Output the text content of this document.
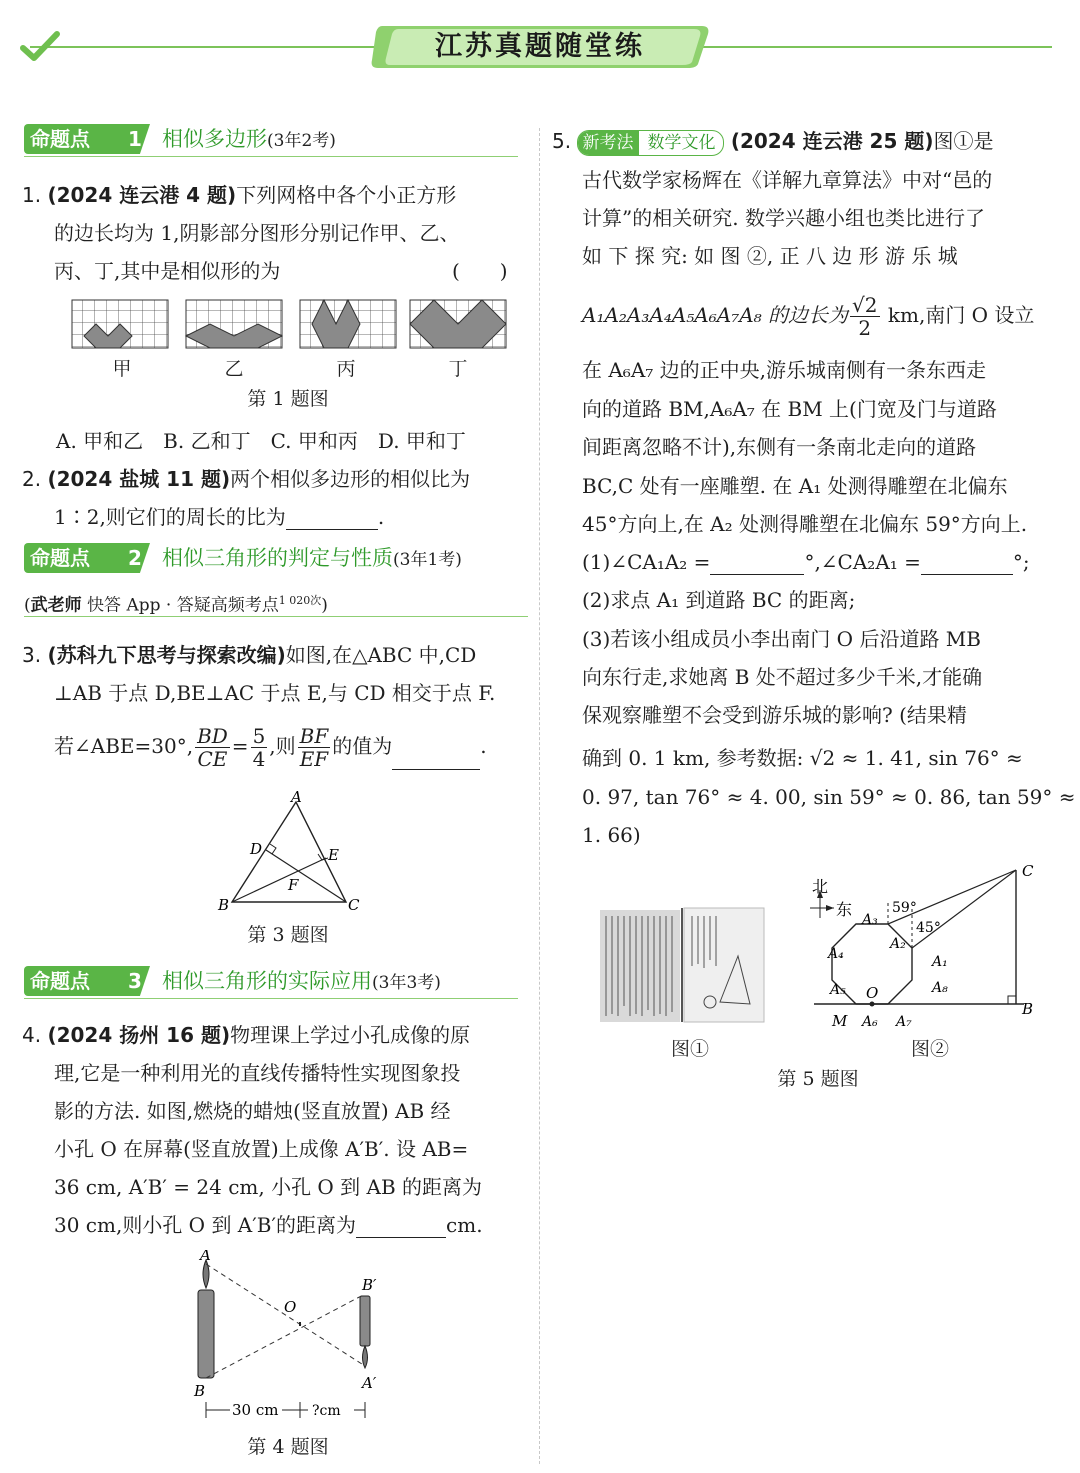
江苏真题随堂练
命题点 1 相似多边形(3年2考)
1. (2024 连云港 4 题)下列网格中各个小正方形
的边长均为 1,阴影部分图形分别记作甲、乙、
丙、丁,其中是相似形的为	(　　)
甲	乙	丙	丁
第 1 题图
A. 甲和乙　B. 乙和丁　C. 甲和丙　D. 甲和丁
2. (2024 盐城 11 题)两个相似多边形的相似比为
1∶2,则它们的周长的比为	.
命题点 2 相似三角形的判定与性质(3年1考)
(武老师 快答 App · 答疑高频考点$^{1 020次}$)
3. (苏科九下思考与探索改编)如图,在△ABC 中,CD
⊥AB 于点 D,BE⊥AC 于点 E,与 CD 相交于点 F.
若∠ABE=30°, $\frac{BD}{CE} = \frac{5}{4}$ ,则 $\frac{BF}{EF}$ 的值为	.
A
B	C
D	E
F
第 3 题图
命题点 3 相似三角形的实际应用(3年3考)
4. (2024 扬州 16 题)物理课上学过小孔成像的原
理,它是一种利用光的直线传播特性实现图象投
影的方法. 如图,燃烧的蜡烛(竖直放置) AB 经
小孔 O 在屏幕(竖直放置)上成像 A′B′. 设 AB=
36 cm, A′B′ = 24 cm, 小孔 O 到 AB 的距离为
30 cm,则小孔 O 到 A′B′的距离为	cm.
A
B
B′
A′
O
30 cm ?cm
第 4 题图
5. 新考法 数学文化 (2024 连云港 25 题)图①是
古代数学家杨辉在《详解九章算法》中对“邑的
计算”的相关研究. 数学兴趣小组也类比进行了
如 下 探 究: 如 图 ②, 正 八 边 形 游 乐 城
A₁A₂A₃A₄A₅A₆A₇A₈ 的边长为 $\frac{√2}{2}$ km,南门 O 设立
在 A₆A₇ 边的正中央,游乐城南侧有一条东西走
向的道路 BM,A₆A₇ 在 BM 上(门宽及门与道路
间距离忽略不计),东侧有一条南北走向的道路
BC,C 处有一座雕塑. 在 A₁ 处测得雕塑在北偏东
45°方向上,在 A₂ 处测得雕塑在北偏东 59°方向上.
(1)∠CA₁A₂ =	°,∠CA₂A₁ =	°;
(2)求点 A₁ 到道路 BC 的距离;
(3)若该小组成员小李出南门 O 后沿道路 MB
向东行走,求她离 B 处不超过多少千米,才能确
保观察雕塑不会受到游乐城的影响? (结果精
确到 0. 1 km, 参考数据: √2 ≈ 1. 41, sin 76° ≈
0. 97, tan 76° ≈ 4. 00, sin 59° ≈ 0. 86, tan 59° ≈
1. 66)
图①
北
东	59°
45°
C
B
M
O
A₃
A₂
A₁
A₈
A₄
A₅
A₆ A₇
图②
第 5 题图
